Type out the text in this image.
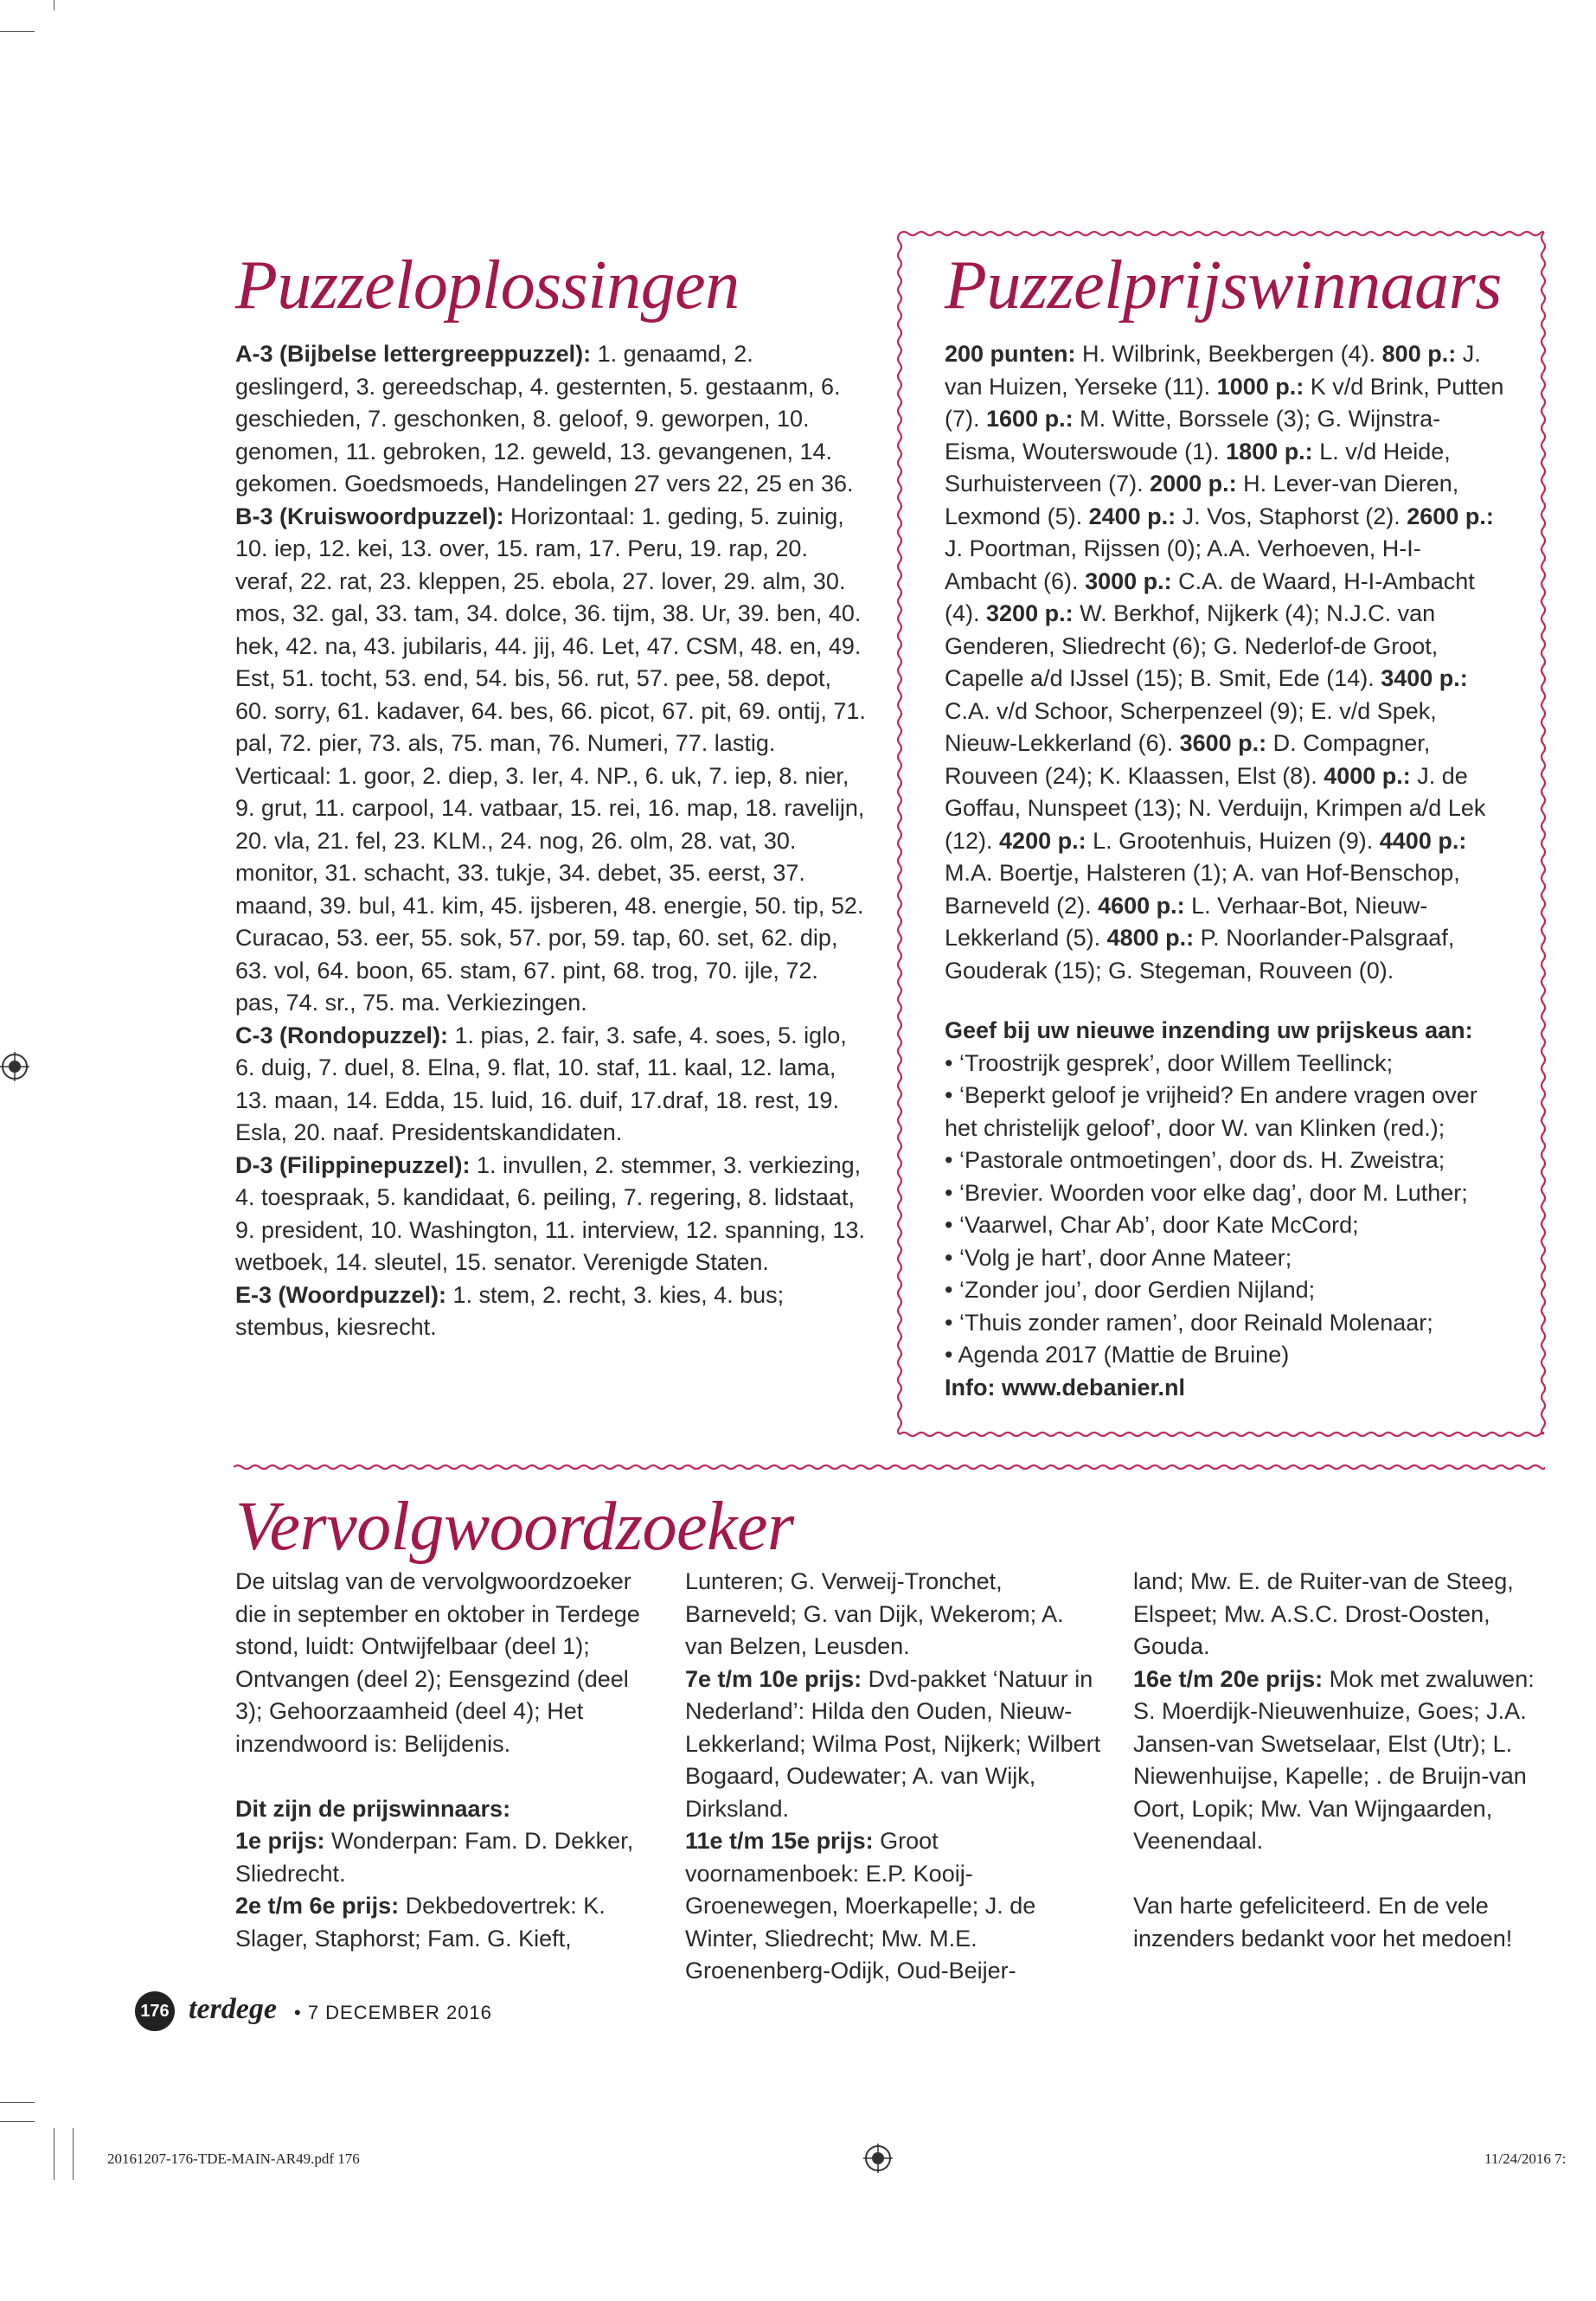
Puzzeloplossingen

A-3 (Bijbelse lettergreeppuzzel): 1. genaamd, 2. geslingerd, 3. gereedschap, 4. gesternten, 5. gestaanm, 6. geschieden, 7. geschonken, 8. geloof, 9. geworpen, 10. genomen, 11. gebroken, 12. geweld, 13. gevangenen, 14. gekomen. Goedsmoeds, Handelingen 27 vers 22, 25 en 36.

B-3 (Kruiswoordpuzzel): Horizontaal: 1. geding, 5. zuinig, 10. iep, 12. kei, 13. over, 15. ram, 17. Peru, 19. rap, 20. veraf, 22. rat, 23. kleppen, 25. ebola, 27. lover, 29. alm, 30. mos, 32. gal, 33. tam, 34. dolce, 36. tijm, 38. Ur, 39. ben, 40. hek, 42. na, 43. jubilaris, 44. jij, 46. Let, 47. CSM, 48. en, 49. Est, 51. tocht, 53. end, 54. bis, 56. rut, 57. pee, 58. depot, 60. sorry, 61. kadaver, 64. bes, 66. picot, 67. pit, 69. ontij, 71. pal, 72. pier, 73. als, 75. man, 76. Numeri, 77. lastig. Verticaal: 1. goor, 2. diep, 3. Ier, 4. NP., 6. uk, 7. iep, 8. nier, 9. grut, 11. carpool, 14. vatbaar, 15. rei, 16. map, 18. ravelijn, 20. vla, 21. fel, 23. KLM., 24. nog, 26. olm, 28. vat, 30. monitor, 31. schacht, 33. tukje, 34. debet, 35. eerst, 37. maand, 39. bul, 41. kim, 45. ijsberen, 48. energie, 50. tip, 52. Curacao, 53. eer, 55. sok, 57. por, 59. tap, 60. set, 62. dip, 63. vol, 64. boon, 65. stam, 67. pint, 68. trog, 70. ijle, 72. pas, 74. sr., 75. ma. Verkiezingen.

C-3 (Rondopuzzel): 1. pias, 2. fair, 3. safe, 4. soes, 5. iglo, 6. duig, 7. duel, 8. Elna, 9. flat, 10. staf, 11. kaal, 12. lama, 13. maan, 14. Edda, 15. luid, 16. duif, 17.draf, 18. rest, 19. Esla, 20. naaf. Presidentskandidaten.

D-3 (Filippinepuzzel): 1. invullen, 2. stemmer, 3. verkiezing, 4. toespraak, 5. kandidaat, 6. peiling, 7. regering, 8. lidstaat, 9. president, 10. Washington, 11. interview, 12. spanning, 13. wetboek, 14. sleutel, 15. senator. Verenigde Staten.

E-3 (Woordpuzzel): 1. stem, 2. recht, 3. kies, 4. bus; stembus, kiesrecht.

Puzzelprijswinnaars

200 punten: H. Wilbrink, Beekbergen (4). 800 p.: J. van Huizen, Yerseke (11). 1000 p.: K v/d Brink, Putten (7). 1600 p.: M. Witte, Borssele (3); G. Wijnstra-Eisma, Wouterswoude (1). 1800 p.: L. v/d Heide, Surhuisterveen (7). 2000 p.: H. Lever-van Dieren, Lexmond (5). 2400 p.: J. Vos, Staphorst (2). 2600 p.: J. Poortman, Rijssen (0); A.A. Verhoeven, H-I-Ambacht (6). 3000 p.: C.A. de Waard, H-I-Ambacht (4). 3200 p.: W. Berkhof, Nijkerk (4); N.J.C. van Genderen, Sliedrecht (6); G. Nederlof-de Groot, Capelle a/d IJssel (15); B. Smit, Ede (14). 3400 p.: C.A. v/d Schoor, Scherpenzeel (9); E. v/d Spek, Nieuw-Lekkerland (6). 3600 p.: D. Compagner, Rouveen (24); K. Klaassen, Elst (8). 4000 p.: J. de Goffau, Nunspeet (13); N. Verduijn, Krimpen a/d Lek (12). 4200 p.: L. Grootenhuis, Huizen (9). 4400 p.: M.A. Boertje, Halsteren (1); A. van Hof-Benschop, Barneveld (2). 4600 p.: L. Verhaar-Bot, Nieuw-Lekkerland (5). 4800 p.: P. Noorlander-Palsgraaf, Gouderak (15); G. Stegeman, Rouveen (0).

Geef bij uw nieuwe inzending uw prijskeus aan:

• ‘Troostrijk gesprek’, door Willem Teellinck;
• ‘Beperkt geloof je vrijheid? En andere vragen over het christelijk geloof’, door W. van Klinken (red.);
• ‘Pastorale ontmoetingen’, door ds. H. Zweistra;
• ‘Brevier. Woorden voor elke dag’, door M. Luther;
• ‘Vaarwel, Char Ab’, door Kate McCord;
• ‘Volg je hart’, door Anne Mateer;
• ‘Zonder jou’, door Gerdien Nijland;
• ‘Thuis zonder ramen’, door Reinald Molenaar;
• Agenda 2017 (Mattie de Bruine)

Info: www.debanier.nl

Vervolgwoordzoeker

De uitslag van de vervolgwoordzoeker die in september en oktober in Terdege stond, luidt: Ontwijfelbaar (deel 1); Ontvangen (deel 2); Eensgezind (deel 3); Gehoorzaamheid (deel 4); Het inzendwoord is: Belijdenis.

Dit zijn de prijswinnaars:

1e prijs: Wonderpan: Fam. D. Dekker, Sliedrecht.

2e t/m 6e prijs: Dekbedovertrek: K. Slager, Staphorst; Fam. G. Kieft,

Lunteren; G. Verweij-Tronchet, Barneveld; G. van Dijk, Wekerom; A. van Belzen, Leusden.

7e t/m 10e prijs: Dvd-pakket ‘Natuur in Nederland’: Hilda den Ouden, Nieuw-Lekkerland; Wilma Post, Nijkerk; Wilbert Bogaard, Oudewater; A. van Wijk, Dirksland.

11e t/m 15e prijs: Groot voornamenboek: E.P. Kooij-Groenewegen, Moerkapelle; J. de Winter, Sliedrecht; Mw. M.E. Groenenberg-Odijk, Oud-Beijer-

land; Mw. E. de Ruiter-van de Steeg, Elspeet; Mw. A.S.C. Drost-Oosten, Gouda.

16e t/m 20e prijs: Mok met zwaluwen: S. Moerdijk-Nieuwenhuize, Goes; J.A. Jansen-van Swetselaar, Elst (Utr); L. Niewenhuijse, Kapelle; . de Bruijn-van Oort, Lopik; Mw. Van Wijngaarden, Veenendaal.

Van harte gefeliciteerd. En de vele inzenders bedankt voor het medoen!

176 terdege • 7 DECEMBER 2016
20161207-176-TDE-MAIN-AR49.pdf 176	11/24/2016 7:
